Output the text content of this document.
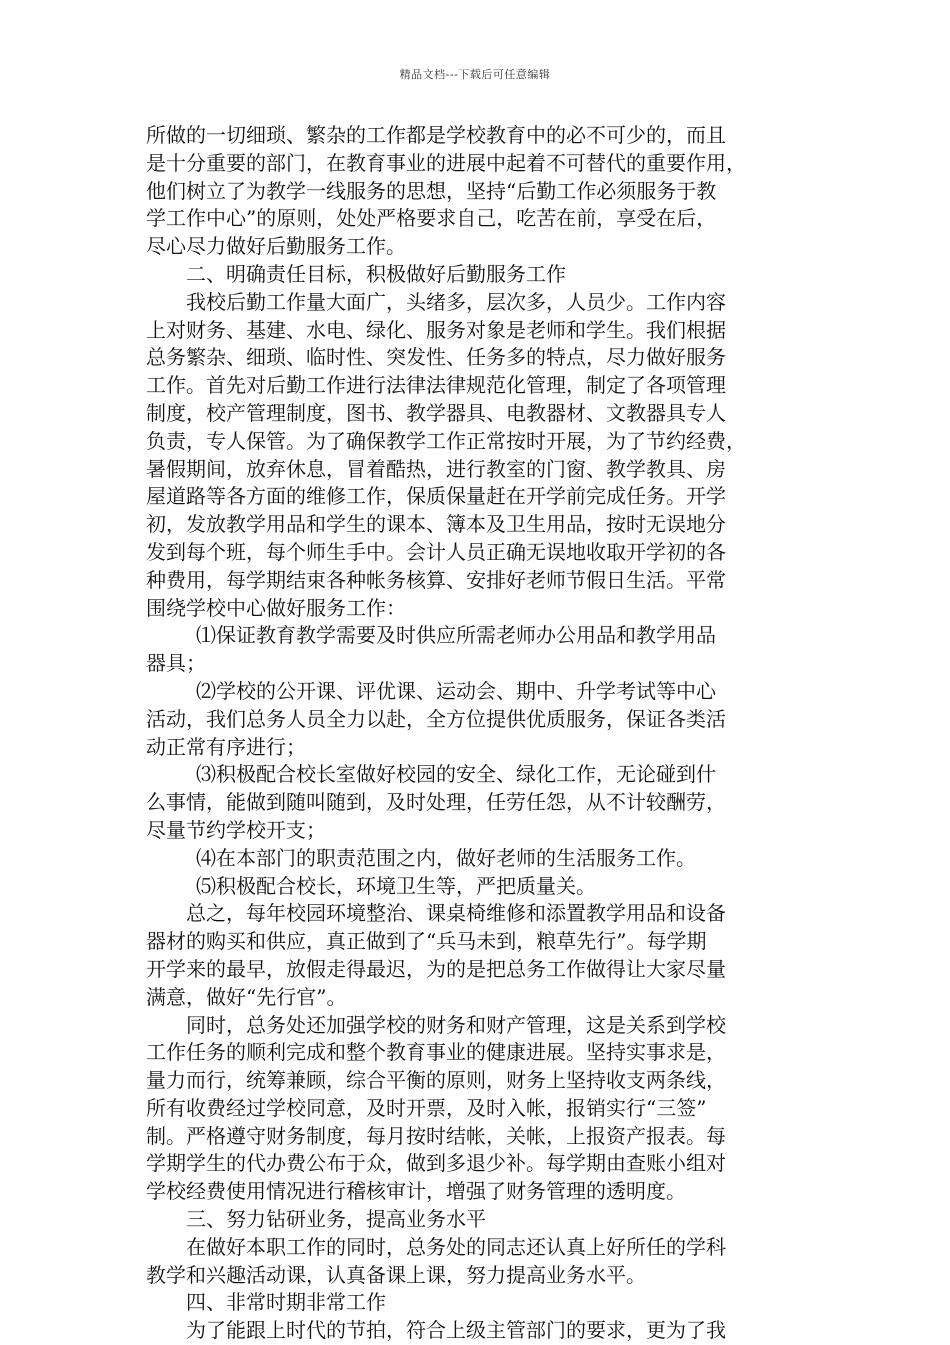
精品文档---下载后可任意编辑

所做的一切细琐、繁杂的工作都是学校教育中的必不可少的，而且
是十分重要的部门，在教育事业的进展中起着不可替代的重要作用，
他们树立了为教学一线服务的思想，坚持“后勤工作必须服务于教
学工作中心”的原则，处处严格要求自己，吃苦在前，享受在后，
尽心尽力做好后勤服务工作。

二、明确责任目标，积极做好后勤服务工作

我校后勤工作量大面广，头绪多，层次多，人员少。工作内容
上对财务、基建、水电、绿化、服务对象是老师和学生。我们根据
总务繁杂、细琐、临时性、突发性、任务多的特点，尽力做好服务
工作。首先对后勤工作进行法律法律规范化管理，制定了各项管理
制度，校产管理制度，图书、教学器具、电教器材、文教器具专人
负责，专人保管。为了确保教学工作正常按时开展，为了节约经费，
暑假期间，放弃休息，冒着酷热，进行教室的门窗、教学教具、房
屋道路等各方面的维修工作，保质保量赶在开学前完成任务。开学
初，发放教学用品和学生的课本、簿本及卫生用品，按时无误地分
发到每个班，每个师生手中。会计人员正确无误地收取开学初的各
种费用，每学期结束各种帐务核算、安排好老师节假日生活。平常
围绕学校中心做好服务工作：

⑴保证教育教学需要及时供应所需老师办公用品和教学用品
器具；

⑵学校的公开课、评优课、运动会、期中、升学考试等中心
活动，我们总务人员全力以赴，全方位提供优质服务，保证各类活
动正常有序进行；

⑶积极配合校长室做好校园的安全、绿化工作，无论碰到什
么事情，能做到随叫随到，及时处理，任劳任怨，从不计较酬劳，
尽量节约学校开支；

⑷在本部门的职责范围之内，做好老师的生活服务工作。

⑸积极配合校长，环境卫生等，严把质量关。

总之，每年校园环境整治、课桌椅维修和添置教学用品和设备
器材的购买和供应，真正做到了“兵马未到，粮草先行”。每学期
开学来的最早，放假走得最迟，为的是把总务工作做得让大家尽量
满意，做好“先行官”。

同时，总务处还加强学校的财务和财产管理，这是关系到学校
工作任务的顺利完成和整个教育事业的健康进展。坚持实事求是，
量力而行，统筹兼顾，综合平衡的原则，财务上坚持收支两条线，
所有收费经过学校同意，及时开票，及时入帐，报销实行“三签”
制。严格遵守财务制度，每月按时结帐，关帐，上报资产报表。每
学期学生的代办费公布于众，做到多退少补。每学期由查账小组对
学校经费使用情况进行稽核审计，增强了财务管理的透明度。

三、努力钻研业务，提高业务水平

在做好本职工作的同时，总务处的同志还认真上好所任的学科
教学和兴趣活动课，认真备课上课，努力提高业务水平。

四、非常时期非常工作

为了能跟上时代的节拍，符合上级主管部门的要求，更为了我
